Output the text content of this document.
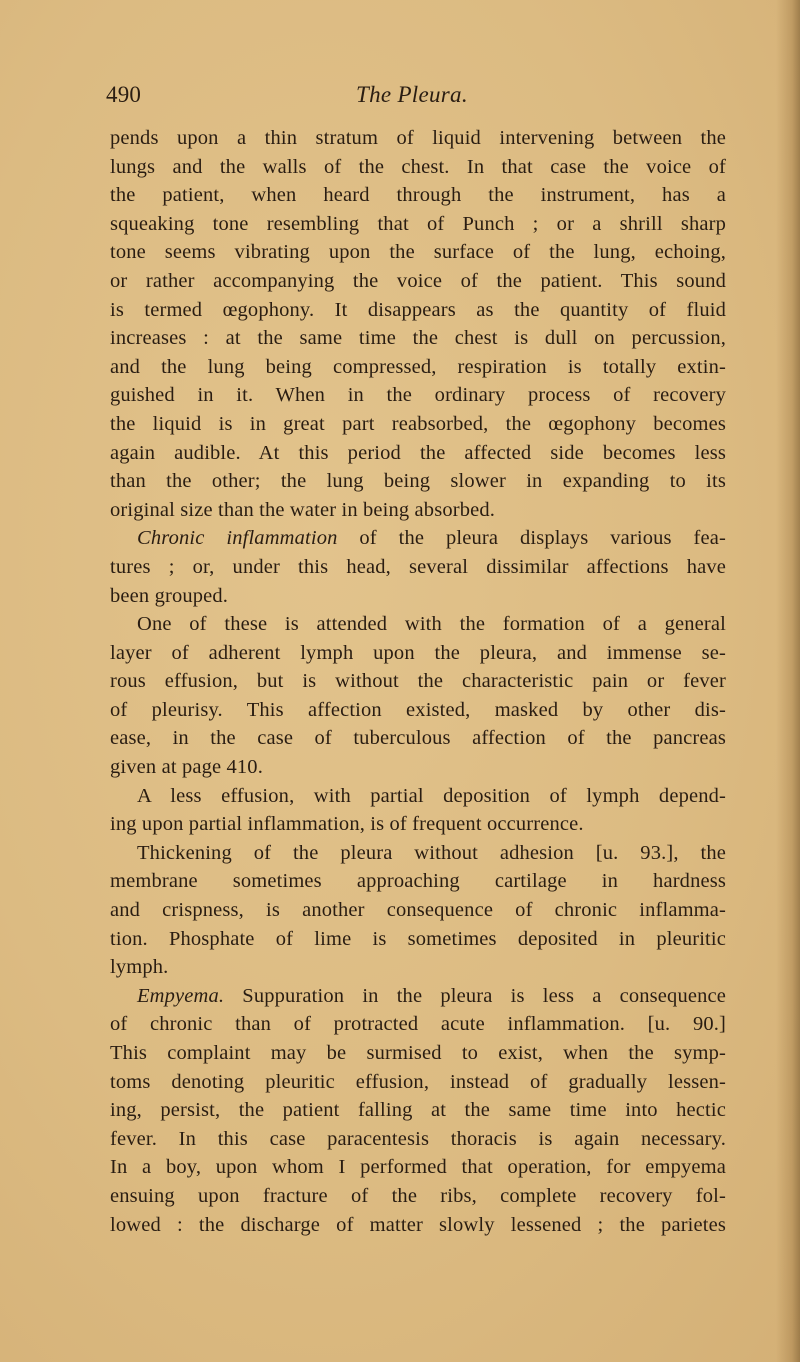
490	The Pleura.
pends upon a thin stratum of liquid intervening between the
lungs and the walls of the chest. In that case the voice of
the patient, when heard through the instrument, has a
squeaking tone resembling that of Punch ; or a shrill sharp
tone seems vibrating upon the surface of the lung, echoing,
or rather accompanying the voice of the patient. This sound
is termed œgophony. It disappears as the quantity of fluid
increases : at the same time the chest is dull on percussion,
and the lung being compressed, respiration is totally extin-
guished in it. When in the ordinary process of recovery
the liquid is in great part reabsorbed, the œgophony becomes
again audible. At this period the affected side becomes less
than the other; the lung being slower in expanding to its
original size than the water in being absorbed.
Chronic inflammation of the pleura displays various fea-
tures ; or, under this head, several dissimilar affections have
been grouped.
One of these is attended with the formation of a general
layer of adherent lymph upon the pleura, and immense se-
rous effusion, but is without the characteristic pain or fever
of pleurisy. This affection existed, masked by other dis-
ease, in the case of tuberculous affection of the pancreas
given at page 410.
A less effusion, with partial deposition of lymph depend-
ing upon partial inflammation, is of frequent occurrence.
Thickening of the pleura without adhesion [u. 93.], the
membrane sometimes approaching cartilage in hardness
and crispness, is another consequence of chronic inflamma-
tion. Phosphate of lime is sometimes deposited in pleuritic
lymph.
Empyema. Suppuration in the pleura is less a consequence
of chronic than of protracted acute inflammation. [u. 90.]
This complaint may be surmised to exist, when the symp-
toms denoting pleuritic effusion, instead of gradually lessen-
ing, persist, the patient falling at the same time into hectic
fever. In this case paracentesis thoracis is again necessary.
In a boy, upon whom I performed that operation, for empyema
ensuing upon fracture of the ribs, complete recovery fol-
lowed : the discharge of matter slowly lessened ; the parietes
